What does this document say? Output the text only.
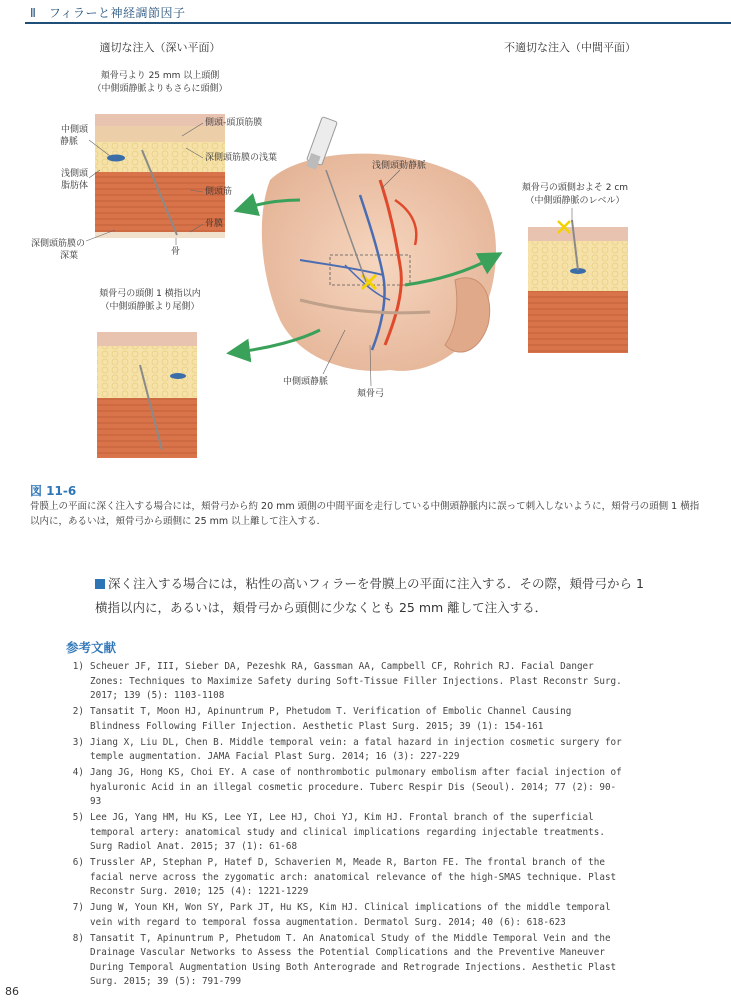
Ⅱ　フィラーと神経調節因子
適切な注入（深い平面）	不適切な注入（中間平面）
頬骨弓より 25 mm 以上頭側
（中側頭静脈よりもさらに頭側）
中側頭
静脈
浅側頭
脂肪体
深側頭筋膜の
深葉
側頭-頭頂筋膜
深側頭筋膜の浅葉
側頭筋
骨膜
骨
頬骨弓の頭側 1 横指以内
（中側頭静脈より尾側）
浅側頭動静脈
中側頭静脈
頬骨弓
頬骨弓の頭側およそ 2 cm
（中側頭静脈のレベル）
図 11-6
骨膜上の平面に深く注入する場合には，頬骨弓から約 20 mm 頭側の中間平面を走行している中側頭静脈内に誤って刺入しないように，頬骨弓の頭側 1 横指以内に，あるいは，頬骨弓から頭側に 25 mm 以上離して注入する．
深く注入する場合には，粘性の高いフィラーを骨膜上の平面に注入する．その際，頬骨弓から 1 横指以内に，あるいは，頬骨弓から頭側に少なくとも 25 mm 離して注入する．
参考文献
1) Scheuer JF, III, Sieber DA, Pezeshk RA, Gassman AA, Campbell CF, Rohrich RJ. Facial Danger Zones: Techniques to Maximize Safety during Soft-Tissue Filler Injections. Plast Reconstr Surg. 2017; 139 (5): 1103-1108
2) Tansatit T, Moon HJ, Apinuntrum P, Phetudom T. Verification of Embolic Channel Causing Blindness Following Filler Injection. Aesthetic Plast Surg. 2015; 39 (1): 154-161
3) Jiang X, Liu DL, Chen B. Middle temporal vein: a fatal hazard in injection cosmetic surgery for temple augmentation. JAMA Facial Plast Surg. 2014; 16 (3): 227-229
4) Jang JG, Hong KS, Choi EY. A case of nonthrombotic pulmonary embolism after facial injection of hyaluronic Acid in an illegal cosmetic procedure. Tuberc Respir Dis (Seoul). 2014; 77 (2): 90-93
5) Lee JG, Yang HM, Hu KS, Lee YI, Lee HJ, Choi YJ, Kim HJ. Frontal branch of the superficial temporal artery: anatomical study and clinical implications regarding injectable treatments. Surg Radiol Anat. 2015; 37 (1): 61-68
6) Trussler AP, Stephan P, Hatef D, Schaverien M, Meade R, Barton FE. The frontal branch of the facial nerve across the zygomatic arch: anatomical relevance of the high-SMAS technique. Plast Reconstr Surg. 2010; 125 (4): 1221-1229
7) Jung W, Youn KH, Won SY, Park JT, Hu KS, Kim HJ. Clinical implications of the middle temporal vein with regard to temporal fossa augmentation. Dermatol Surg. 2014; 40 (6): 618-623
8) Tansatit T, Apinuntrum P, Phetudom T. An Anatomical Study of the Middle Temporal Vein and the Drainage Vascular Networks to Assess the Potential Complications and the Preventive Maneuver During Temporal Augmentation Using Both Anterograde and Retrograde Injections. Aesthetic Plast Surg. 2015; 39 (5): 791-799
86
